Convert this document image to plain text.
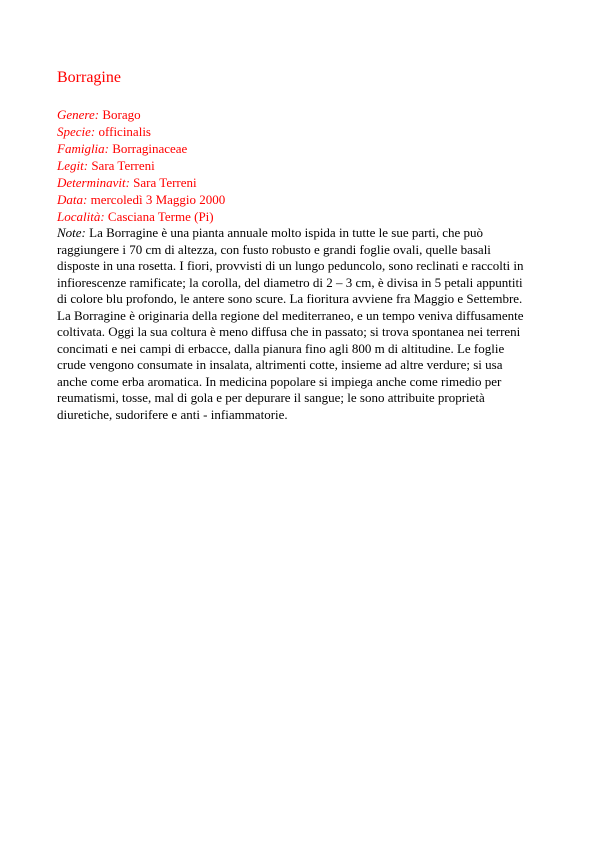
Borragine
Genere: Borago
Specie: officinalis
Famiglia: Borraginaceae
Legit: Sara Terreni
Determinavit: Sara Terreni
Data: mercoledì 3 Maggio 2000
Località: Casciana Terme (Pi)

Note: La Borragine è una pianta annuale molto ispida in tutte le sue parti, che può raggiungere i 70 cm di altezza, con fusto robusto e grandi foglie ovali, quelle basali disposte in una rosetta. I fiori, provvisti di un lungo peduncolo, sono reclinati e raccolti in infiorescenze ramificate; la corolla, del diametro di 2 – 3 cm, è divisa in 5 petali appuntiti di colore blu profondo, le antere sono scure. La fioritura avviene fra Maggio e Settembre. La Borragine è originaria della regione del mediterraneo, e un tempo veniva diffusamente coltivata. Oggi la sua coltura è meno diffusa che in passato; si trova spontanea nei terreni concimati e nei campi di erbacce, dalla pianura fino agli 800 m di altitudine. Le foglie crude vengono consumate in insalata, altrimenti cotte, insieme ad altre verdure; si usa anche come erba aromatica. In medicina popolare si impiega anche come rimedio per reumatismi, tosse, mal di gola e per depurare il sangue; le sono attribuite proprietà diuretiche, sudorifere e anti - infiammatorie.
